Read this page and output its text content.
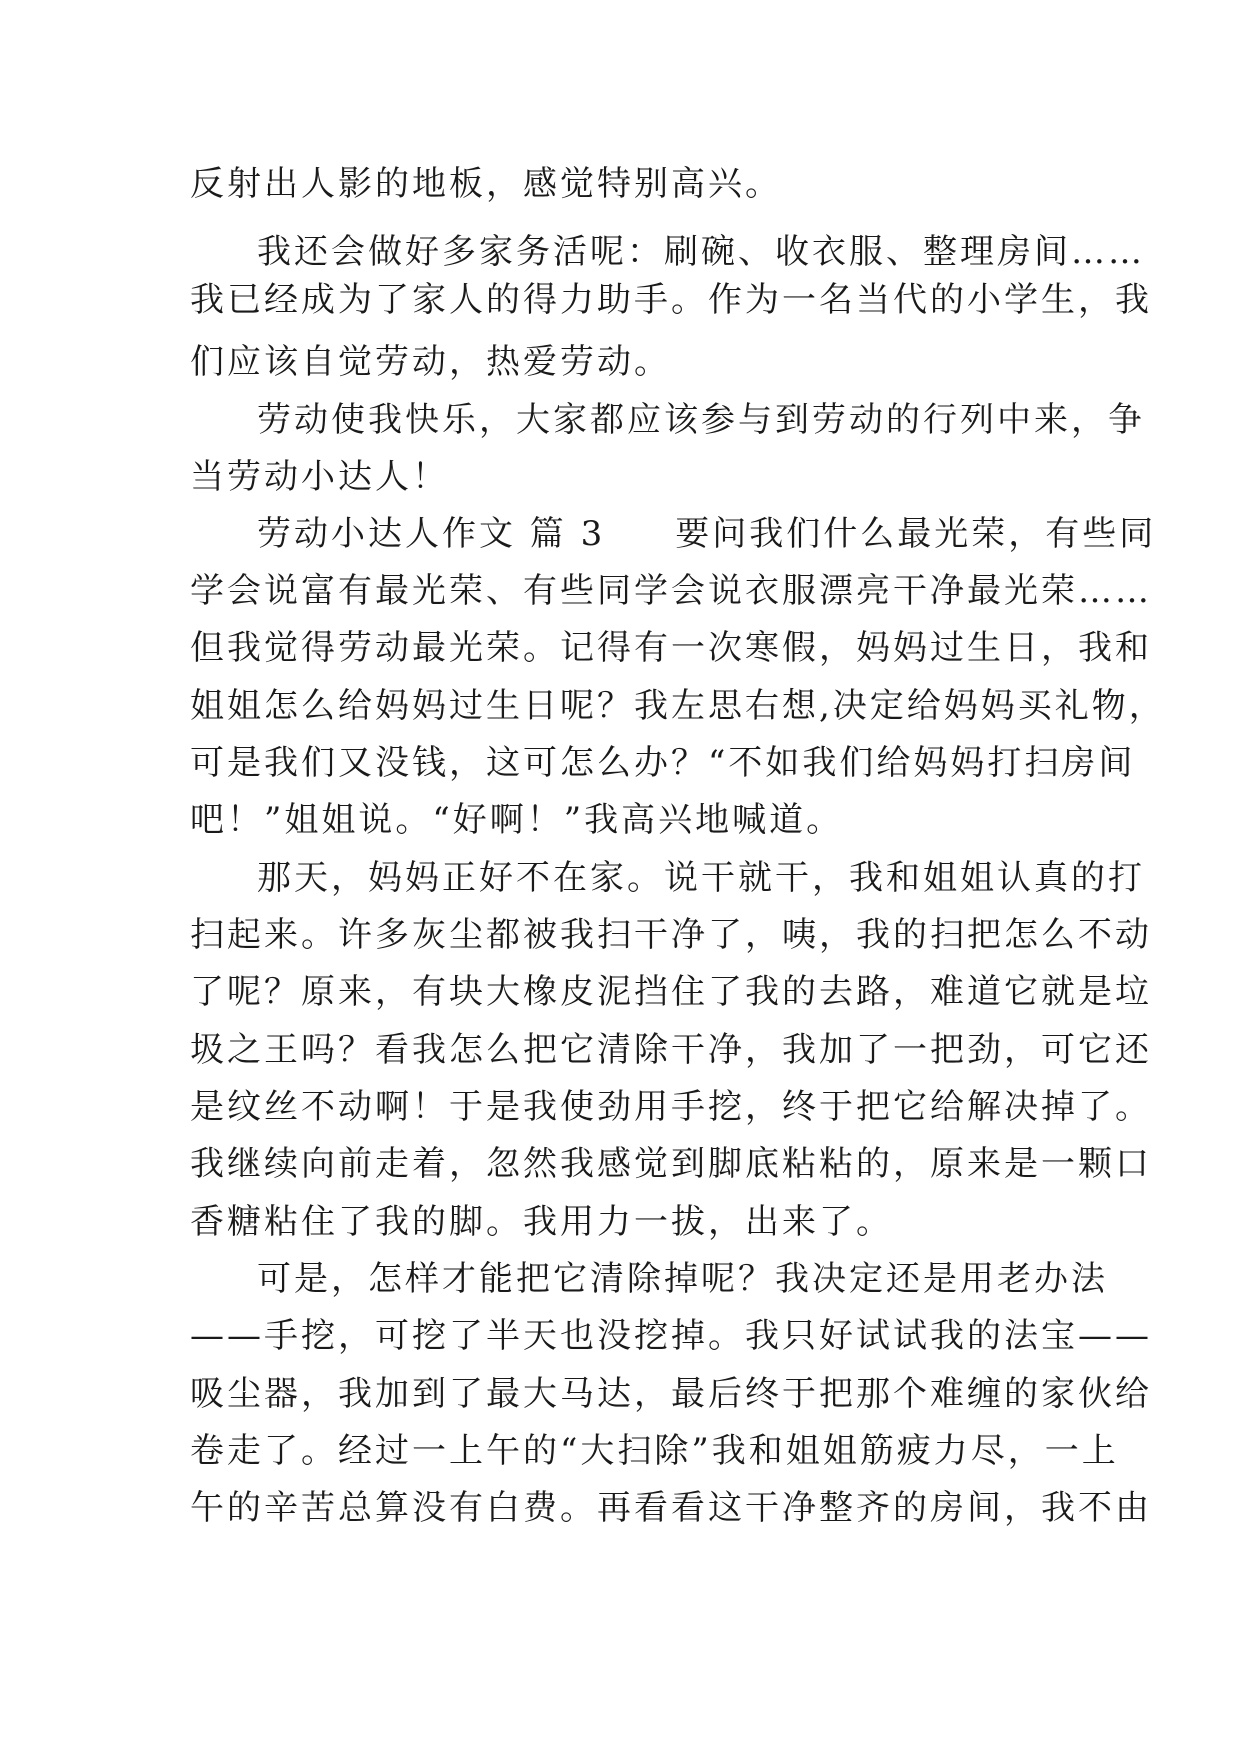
反射出人影的地板，感觉特别高兴。
我还会做好多家务活呢：刷碗、收衣服、整理房间……
我已经成为了家人的得力助手。作为一名当代的小学生，我
们应该自觉劳动，热爱劳动。
劳动使我快乐，大家都应该参与到劳动的行列中来，争
当劳动小达人！
劳动小达人作文 篇 3 要问我们什么最光荣，有些同
学会说富有最光荣、有些同学会说衣服漂亮干净最光荣……
但我觉得劳动最光荣。记得有一次寒假，妈妈过生日，我和
姐姐怎么给妈妈过生日呢？我左思右想,决定给妈妈买礼物，
可是我们又没钱，这可怎么办？“不如我们给妈妈打扫房间
吧！”姐姐说。“好啊！”我高兴地喊道。
那天，妈妈正好不在家。说干就干，我和姐姐认真的打
扫起来。许多灰尘都被我扫干净了，咦，我的扫把怎么不动
了呢？原来，有块大橡皮泥挡住了我的去路，难道它就是垃
圾之王吗？看我怎么把它清除干净，我加了一把劲，可它还
是纹丝不动啊！于是我使劲用手挖，终于把它给解决掉了。
我继续向前走着，忽然我感觉到脚底粘粘的，原来是一颗口
香糖粘住了我的脚。我用力一拔，出来了。
可是，怎样才能把它清除掉呢？我决定还是用老办法
——手挖，可挖了半天也没挖掉。我只好试试我的法宝——
吸尘器，我加到了最大马达，最后终于把那个难缠的家伙给
卷走了。经过一上午的“大扫除”我和姐姐筋疲力尽，一上
午的辛苦总算没有白费。再看看这干净整齐的房间，我不由
